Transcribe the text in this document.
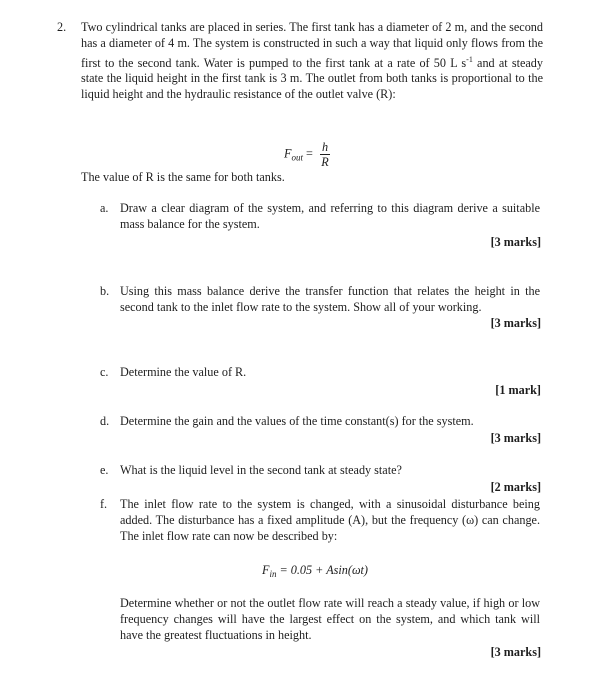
2. Two cylindrical tanks are placed in series. The first tank has a diameter of 2 m, and the second has a diameter of 4 m. The system is constructed in such a way that liquid only flows from the first to the second tank. Water is pumped to the first tank at a rate of 50 L $s^{-1}$ and at steady state the liquid height in the first tank is 3 m. The outlet from both tanks is proportional to the liquid height and the hydraulic resistance of the outlet valve (R):
$F_{out} = \frac{h}{R}$
The value of R is the same for both tanks.
a. Draw a clear diagram of the system, and referring to this diagram derive a suitable mass balance for the system.
[3 marks]
b. Using this mass balance derive the transfer function that relates the height in the second tank to the inlet flow rate to the system. Show all of your working.
[3 marks]
c. Determine the value of R.
[1 mark]
d. Determine the gain and the values of the time constant(s) for the system.
[3 marks]
e. What is the liquid level in the second tank at steady state?
[2 marks]
f. The inlet flow rate to the system is changed, with a sinusoidal disturbance being added. The disturbance has a fixed amplitude (A), but the frequency (ω) can change. The inlet flow rate can now be described by:
$F_{in} = 0.05 + Asin(\omega t)$
Determine whether or not the outlet flow rate will reach a steady value, if high or low frequency changes will have the largest effect on the system, and which tank will have the greatest fluctuations in height.
[3 marks]
